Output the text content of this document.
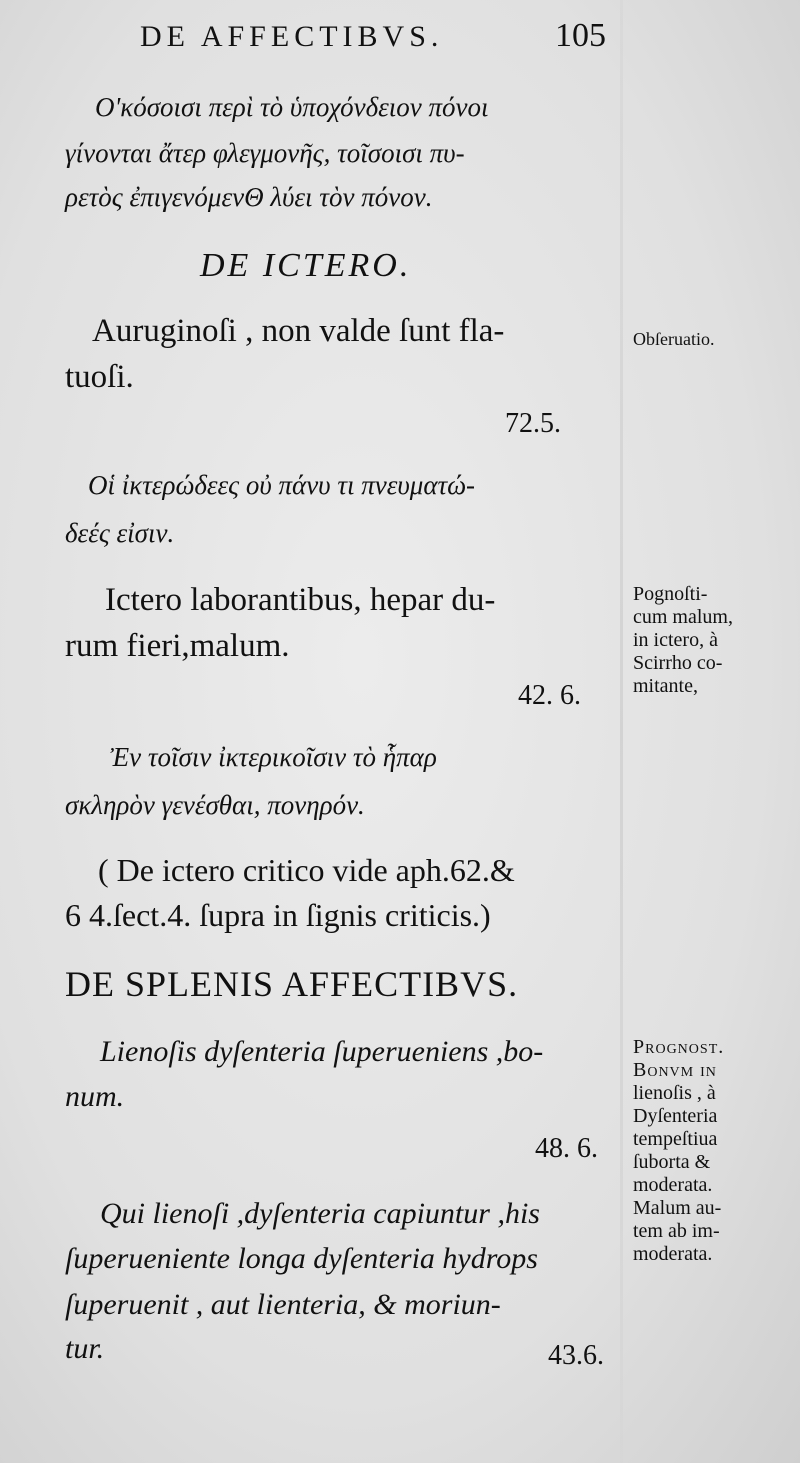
DE AFFECTIBVS.	105
Ο'κόσοισι περὶ τὸ ὑποχόνδειον πόνοι
γίνονται ἄτερ φλεγμονῆς, τοῖσοισι πυ-
ρετὸς ἐπιγενόμενΘ λύει τὸν πόνον.
DE ICTERO.
Auruginoſi , non valde ſunt fla-
tuoſi.
72.5.
Οἱ ἰκτερώδεες οὐ πάνυ τι πνευματώ-
δεές εἰσιν.
Ictero laborantibus, hepar du-
rum fieri,malum.
42. 6.
Ἐν τοῖσιν ἰκτερικοῖσιν τὸ ἧπαρ
σκληρὸν γενέσθαι, πονηρόν.
( De ictero critico vide aph.62.&
6 4.ſect.4. ſupra in ſignis criticis.)
DE SPLENIS AFFECTIBVS.
Lienoſis dyſenteria ſuperueniens ,bo-
num.
48. 6.
Qui lienoſi ,dyſenteria capiuntur ,his
ſuperueniente longa dyſenteria hydrops
ſuperuenit , aut lienteria, & moriun-
tur.	43.6.
Obſeruatio.
Pognoſti-
cum malum,
in ictero, à
Scirrho co-
mitante,
Prognost.
Bonvm in
lienoſis , à
Dyſenteria
tempeſtiua
ſuborta &
moderata.
Malum au-
tem ab im-
moderata.
